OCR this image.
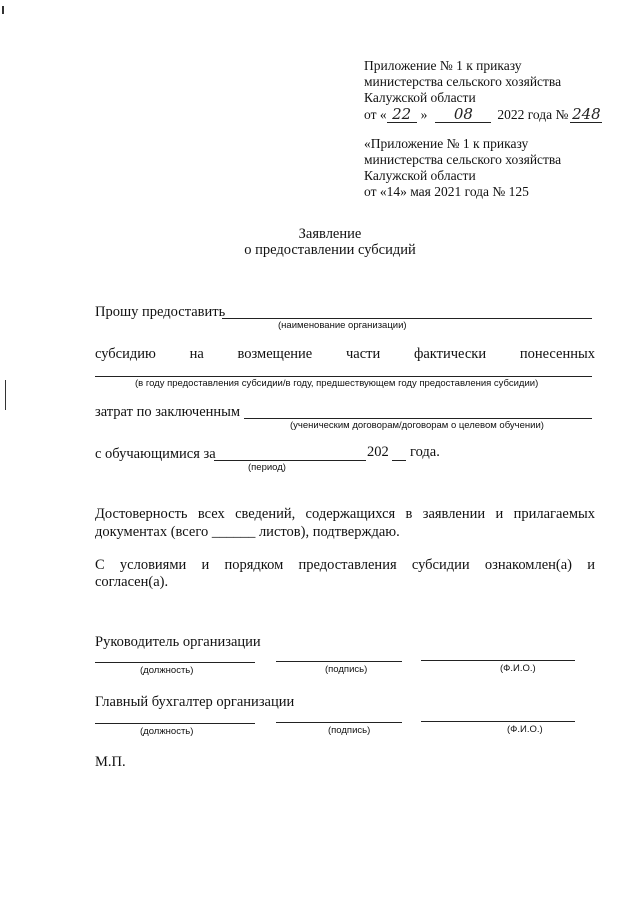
Приложение № 1 к приказу
министерства сельского хозяйства
Калужской области
от « 22 » 08 2022 года № 248
«Приложение № 1 к приказу
министерства сельского хозяйства
Калужской области
от «14» мая 2021 года № 125
Заявление
о предоставлении субсидий
Прошу предоставить
(наименование организации)
субсидию на возмещение части фактически понесенных
(в году предоставления субсидии/в году, предшествующем году предоставления субсидии)
затрат по заключенным
(ученическим договорам/договорам о целевом обучении)
с обучающимися за	202 года.
(период)
Достоверность всех сведений, содержащихся в заявлении и прилагаемых
документах (всего ______ листов), подтверждаю.
С условиями и порядком предоставления субсидии ознакомлен(а) и
согласен(а).
Руководитель организации
(должность)	(подпись)	(Ф.И.О.)
Главный бухгалтер организации
(должность)	(подпись)	(Ф.И.О.)
М.П.
